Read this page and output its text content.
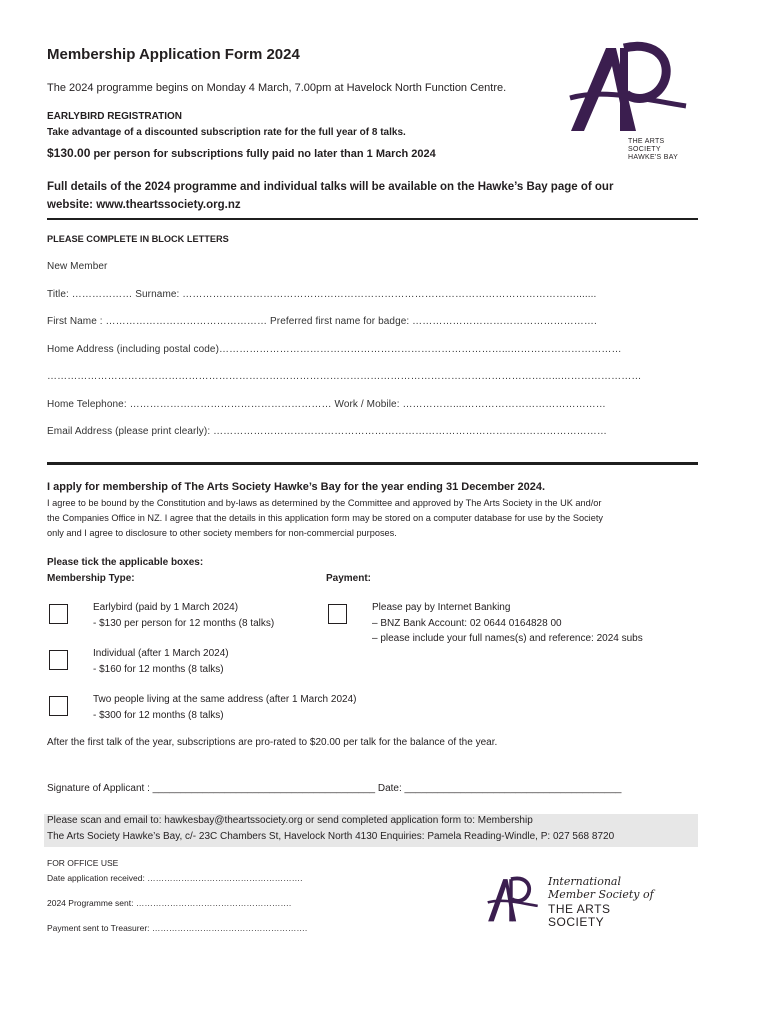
Membership Application Form 2024
The 2024 programme begins on Monday 4 March, 7.00pm at Havelock North Function Centre.
EARLYBIRD REGISTRATION
Take advantage of a discounted subscription rate for the full year of 8 talks.
$130.00 per person for subscriptions fully paid no later than 1 March 2024
THE ARTS
SOCIETY
HAWKE'S BAY
Full details of the 2024 programme and individual talks will be available on the Hawke’s Bay page of our
website: www.theartssociety.org.nz
PLEASE COMPLETE IN BLOCK LETTERS
New Member
Title: ……………… Surname: ……………………………………………………………………………………………………….......
First Name : ………………………………………… Preferred first name for badge: ……………………………………………….
Home Address (including postal code)…………………………………………………………………………...……………………………
……………………………………………………………………………………………………………………………………...……………………
Home Telephone: …………………………………………………… Work / Mobile: ……………....……………………………………
Email Address (please print clearly): ………………………………………………………………………………………………………
I apply for membership of The Arts Society Hawke’s Bay for the year ending 31 December 2024.
I agree to be bound by the Constitution and by-laws as determined by the Committee and approved by The Arts Society in the UK and/or
the Companies Office in NZ. I agree that the details in this application form may be stored on a computer database for use by the Society
only and I agree to disclosure to other society members for non-commercial purposes.
Please tick the applicable boxes:
Membership Type:	Payment:
Earlybird (paid by 1 March 2024)
- $130 per person for 12 months (8 talks)
Please pay by Internet Banking
– BNZ Bank Account: 02 0644 0164828 00
– please include your full names(s) and reference: 2024 subs
Individual (after 1 March 2024)
- $160 for 12 months (8 talks)
Two people living at the same address (after 1 March 2024)
- $300 for 12 months (8 talks)
After the first talk of the year, subscriptions are pro-rated to $20.00 per talk for the balance of the year.
Signature of Applicant : ________________________________________ Date: _______________________________________
Please scan and email to: hawkesbay@theartssociety.org or send completed application form to: Membership
The Arts Society Hawke’s Bay, c/- 23C Chambers St, Havelock North 4130 Enquiries: Pamela Reading-Windle, P: 027 568 8720
FOR OFFICE USE
Date application received: ……………………………………………….
2024 Programme sent: ……………………………………………….
Payment sent to Treasurer: ……………………………………………….
International
Member Society of
THE ARTS
SOCIETY
